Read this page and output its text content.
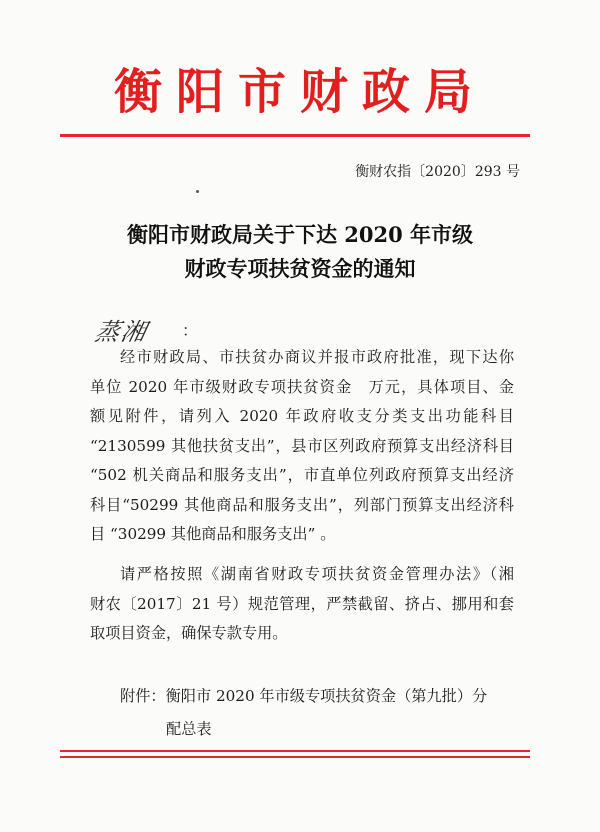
衡阳市财政局
衡财农指〔2020〕293 号
衡阳市财政局关于下达 2020 年市级
财政专项扶贫资金的通知
蒸湘 ：
经市财政局、市扶贫办商议并报市政府批准，现下达你
单位 2020 年市级财政专项扶贫资金　万元，具体项目、金
额见附件，请列入 2020 年政府收支分类支出功能科目
“2130599 其他扶贫支出”，县市区列政府预算支出经济科目
“502 机关商品和服务支出”，市直单位列政府预算支出经济
科目“50299 其他商品和服务支出”，列部门预算支出经济科
目 “30299 其他商品和服务支出” 。
请严格按照《湖南省财政专项扶贫资金管理办法》（湘
财农〔2017〕21 号）规范管理，严禁截留、挤占、挪用和套
取项目资金，确保专款专用。
附件：衡阳市 2020 年市级专项扶贫资金（第九批）分
配总表
